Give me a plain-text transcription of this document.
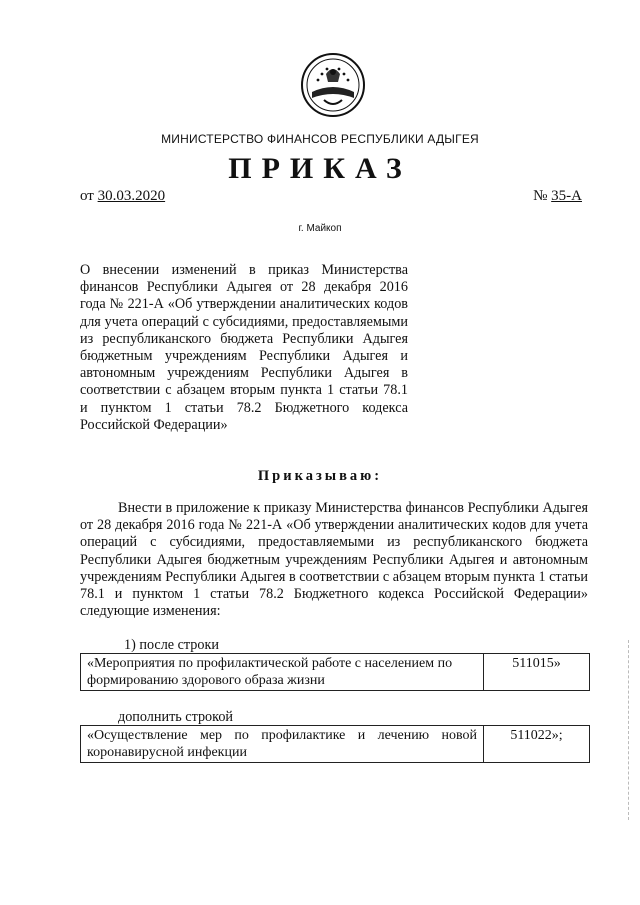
МИНИСТЕРСТВО ФИНАНСОВ РЕСПУБЛИКИ АДЫГЕЯ
ПРИКАЗ
от 30.03.2020	№ 35-А
г. Майкоп
О внесении изменений в приказ Министерства финансов Республики Адыгея от 28 декабря 2016 года № 221-А «Об утверждении аналитических кодов для учета операций с субсидиями, предоставляемыми из республиканского бюджета Республики Адыгея бюджетным учреждениям Республики Адыгея и автономным учреждениям Республики Адыгея в соответствии с абзацем вторым пункта 1 статьи 78.1 и пунктом 1 статьи 78.2 Бюджетного кодекса Российской Федерации»
Приказываю:
Внести в приложение к приказу Министерства финансов Республики Адыгея от 28 декабря 2016 года № 221-А «Об утверждении аналитических кодов для учета операций с субсидиями, предоставляемыми из республиканского бюджета Республики Адыгея бюджетным учреждениям Республики Адыгея и автономным учреждениям Республики Адыгея в соответствии с абзацем вторым пункта 1 статьи 78.1 и пунктом 1 статьи 78.2 Бюджетного кодекса Российской Федерации» следующие изменения:
1) после строки
«Мероприятия по профилактической работе с населением по формированию здорового образа жизни	511015»
дополнить строкой
«Осуществление мер по профилактике и лечению новой коронавирусной инфекции	511022»;
